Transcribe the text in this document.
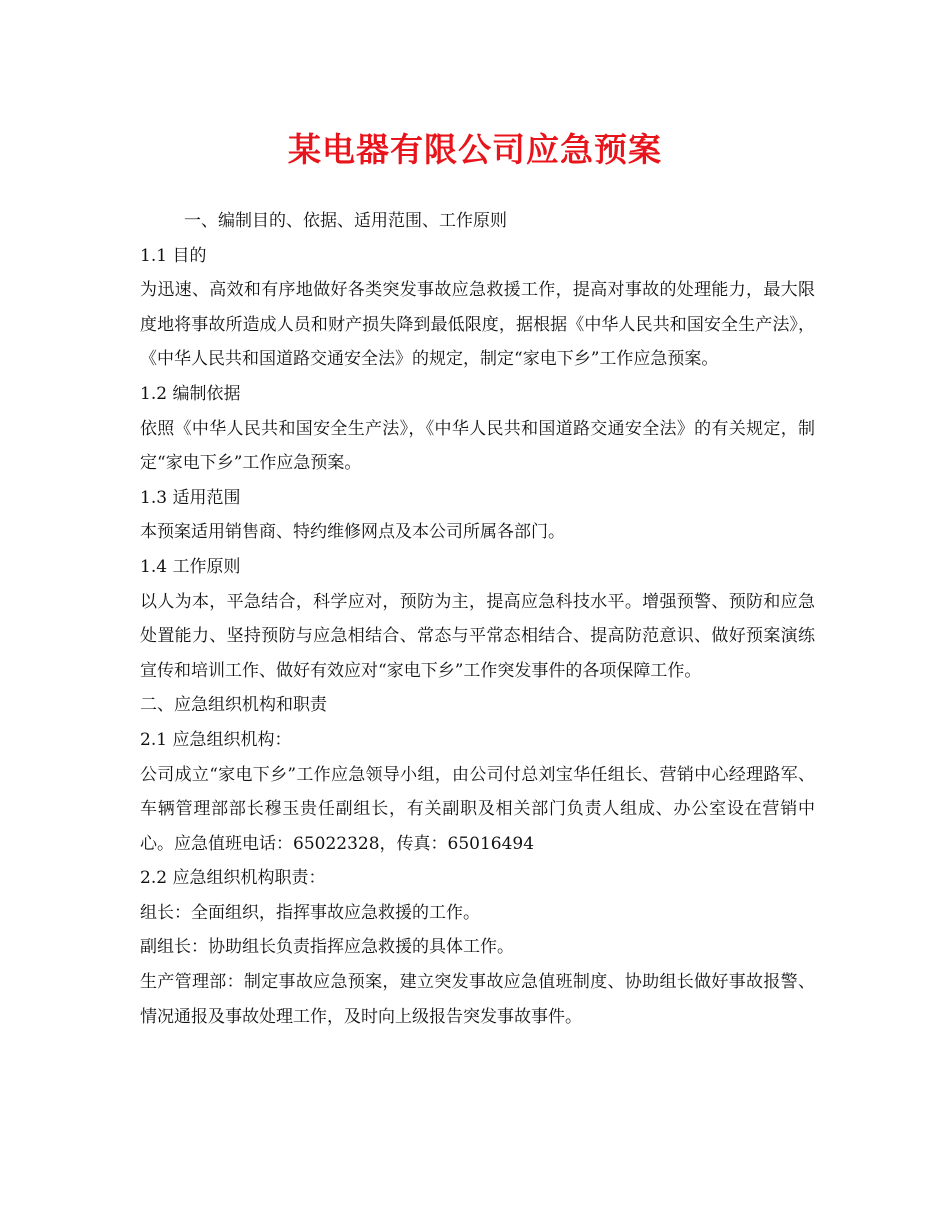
某电器有限公司应急预案

一、编制目的、依据、适用范围、工作原则

1.1 目的

为迅速、高效和有序地做好各类突发事故应急救援工作，提高对事故的处理能力，最大限度地将事故所造成人员和财产损失降到最低限度，据根据《中华人民共和国安全生产法》，《中华人民共和国道路交通安全法》的规定，制定“家电下乡”工作应急预案。

1.2 编制依据

依照《中华人民共和国安全生产法》，《中华人民共和国道路交通安全法》的有关规定，制定“家电下乡”工作应急预案。

1.3 适用范围

本预案适用销售商、特约维修网点及本公司所属各部门。

1.4 工作原则

以人为本，平急结合，科学应对，预防为主，提高应急科技水平。增强预警、预防和应急处置能力、坚持预防与应急相结合、常态与平常态相结合、提高防范意识、做好预案演练宣传和培训工作、做好有效应对“家电下乡”工作突发事件的各项保障工作。

二、应急组织机构和职责

2.1 应急组织机构：

公司成立“家电下乡”工作应急领导小组，由公司付总刘宝华任组长、营销中心经理路军、车辆管理部部长穆玉贵任副组长，有关副职及相关部门负责人组成、办公室设在营销中心。应急值班电话：65022328，传真：65016494

2.2 应急组织机构职责：

组长：全面组织，指挥事故应急救援的工作。

副组长：协助组长负责指挥应急救援的具体工作。

生产管理部：制定事故应急预案，建立突发事故应急值班制度、协助组长做好事故报警、情况通报及事故处理工作，及时向上级报告突发事故事件。
